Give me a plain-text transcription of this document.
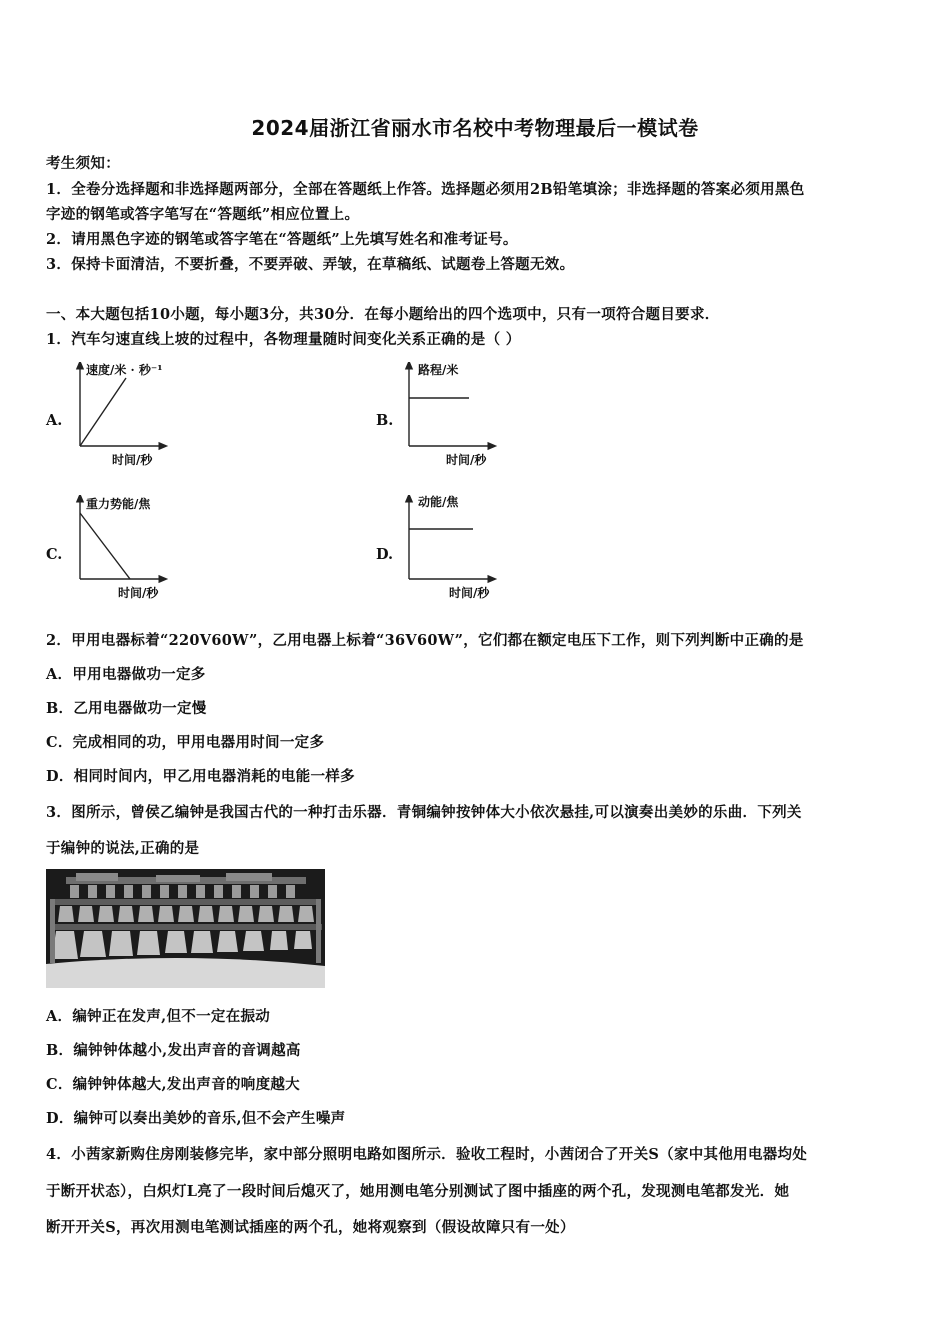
2024届浙江省丽水市名校中考物理最后一模试卷
考生须知：
1．全卷分选择题和非选择题两部分，全部在答题纸上作答。选择题必须用2B铅笔填涂；非选择题的答案必须用黑色
字迹的钢笔或答字笔写在“答题纸”相应位置上。
2．请用黑色字迹的钢笔或答字笔在“答题纸”上先填写姓名和准考证号。
3．保持卡面清洁，不要折叠，不要弄破、弄皱，在草稿纸、试题卷上答题无效。
一、本大题包括10小题，每小题3分，共30分．在每小题给出的四个选项中，只有一项符合题目要求．
1．汽车匀速直线上坡的过程中，各物理量随时间变化关系正确的是（ ）
A.
速度/米 · 秒⁻¹
时间/秒
B.
路程/米
时间/秒
C.
重力势能/焦
时间/秒
D.
动能/焦
时间/秒
2．甲用电器标着“220V60W”，乙用电器上标着“36V60W”，它们都在额定电压下工作，则下列判断中正确的是
A．甲用电器做功一定多
B．乙用电器做功一定慢
C．完成相同的功，甲用电器用时间一定多
D．相同时间内，甲乙用电器消耗的电能一样多
3．图所示，曾侯乙编钟是我国古代的一种打击乐器．青铜编钟按钟体大小依次悬挂,可以演奏出美妙的乐曲．下列关
于编钟的说法,正确的是
A．编钟正在发声,但不一定在振动
B．编钟钟体越小,发出声音的音调越高
C．编钟钟体越大,发出声音的响度越大
D．编钟可以奏出美妙的音乐,但不会产生噪声
4．小茜家新购住房刚装修完毕，家中部分照明电路如图所示．验收工程时，小茜闭合了开关S（家中其他用电器均处
于断开状态），白炽灯L亮了一段时间后熄灭了，她用测电笔分别测试了图中插座的两个孔，发现测电笔都发光．她
断开开关S，再次用测电笔测试插座的两个孔，她将观察到（假设故障只有一处）
